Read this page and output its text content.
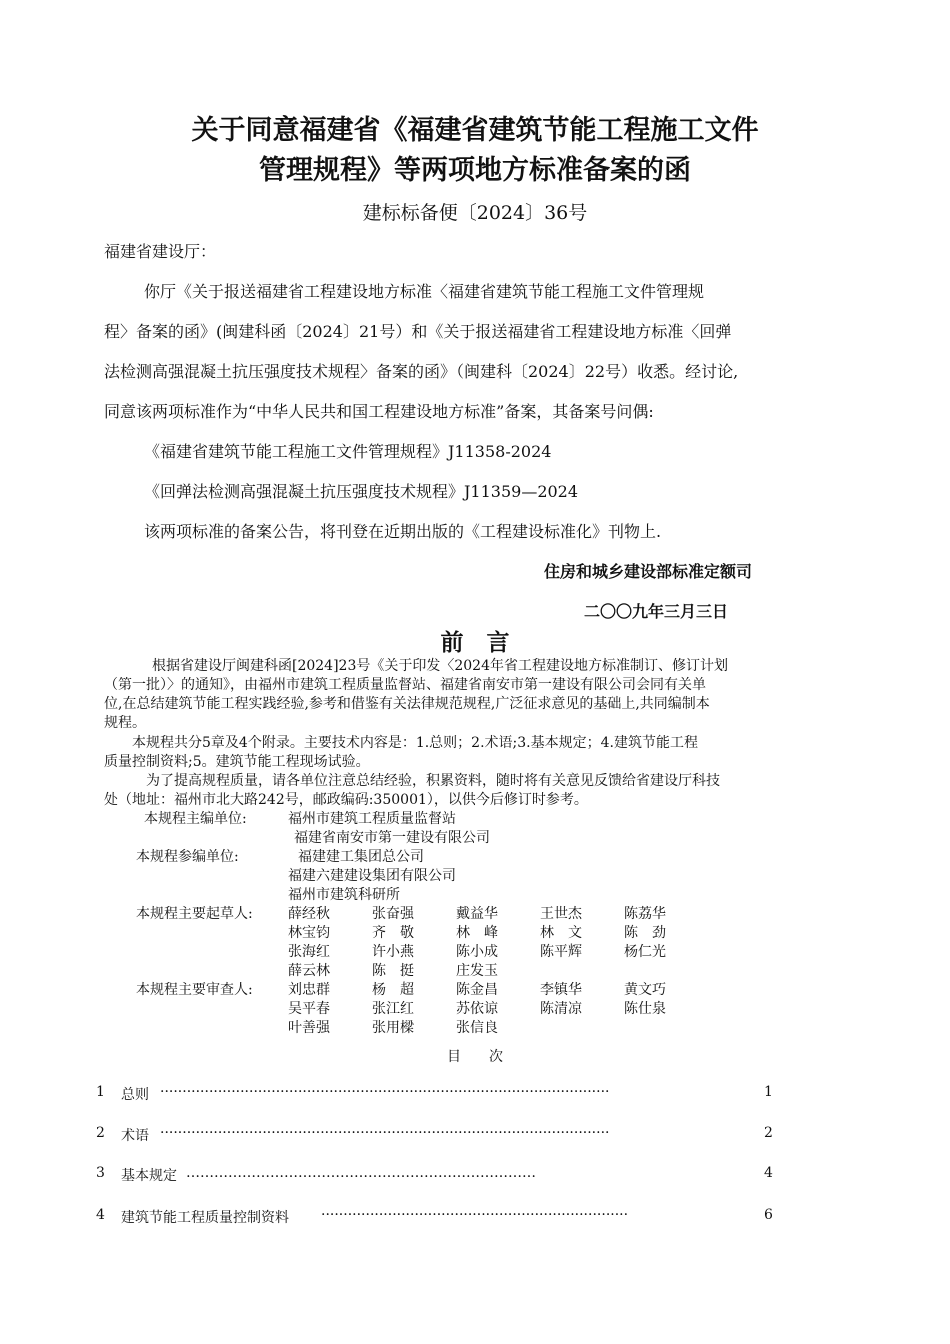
关于同意福建省《福建省建筑节能工程施工文件
管理规程》等两项地方标准备案的函
建标标备便〔2024〕36号
福建省建设厅：
你厅《关于报送福建省工程建设地方标准〈福建省建筑节能工程施工文件管理规
程〉备案的函》(闽建科函〔2024〕21号）和《关于报送福建省工程建设地方标准〈回弹
法检测高强混凝土抗压强度技术规程〉备案的函》（闽建科〔2024〕22号）收悉。经讨论,
同意该两项标准作为“中华人民共和国工程建设地方标准”备案，其备案号问偶:
《福建省建筑节能工程施工文件管理规程》J11358-2024
《回弹法检测高强混凝土抗压强度技术规程》J11359—2024
该两项标准的备案公告，将刊登在近期出版的《工程建设标准化》刊物上.
住房和城乡建设部标准定额司
二〇〇九年三月三日
前　言
根据省建设厅闽建科函[2024]23号《关于印发〈2024年省工程建设地方标准制订、修订计划
（第一批）〉的通知》，由福州市建筑工程质量监督站、福建省南安市第一建设有限公司会同有关单
位,在总结建筑节能工程实践经验,参考和借鉴有关法律规范规程,广泛征求意见的基础上,共同编制本
规程。
本规程共分5章及4个附录。主要技术内容是：1.总则；2.术语;3.基本规定；4.建筑节能工程
质量控制资料;5。建筑节能工程现场试验。
为了提高规程质量，请各单位注意总结经验，积累资料，随时将有关意见反馈给省建设厅科技
处（地址：福州市北大路242号，邮政编码:350001），以供今后修订时参考。
本规程主编单位:	福州市建筑工程质量监督站
福建省南安市第一建设有限公司
本规程参编单位:	福建建工集团总公司
福建六建建设集团有限公司
福州市建筑科研所
本规程主要起草人:	薛经秋	张奋强	戴益华	王世杰	陈荔华
林宝钧	齐　敬	林　峰	林　文	陈　劲
张海红	许小燕	陈小成	陈平辉	杨仁光
薛云林	陈　挺	庄发玉
本规程主要审查人:	刘忠群	杨　超	陈金昌	李镇华	黄文巧
吴平春	张江红	苏依谅	陈清凉	陈仕泉
叶善强	张用樑	张信良
目　　次
1 总则 ·····································································································	1
2 术语 ·····································································································	2
3 基本规定 …………………………………………………………………	4
4 建筑节能工程质量控制资料 ·····································································	6
